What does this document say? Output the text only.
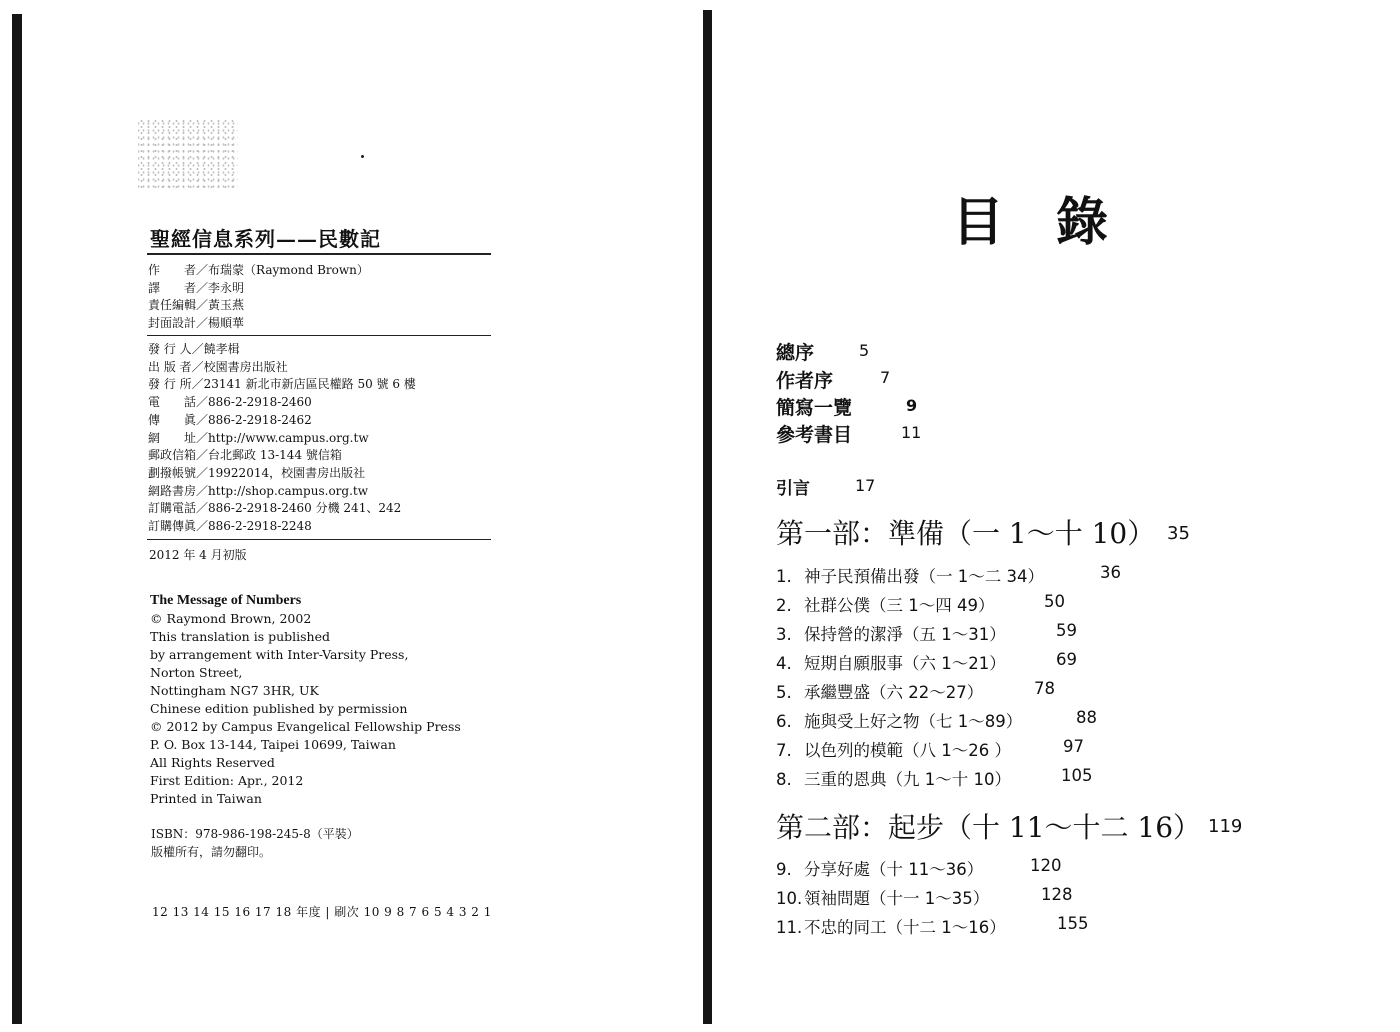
聖經信息系列——民數記
作　　者／布瑞蒙（Raymond Brown）
譯　　者／李永明
責任編輯／黃玉燕
封面設計／楊順華
發 行 人／饒孝楫
出 版 者／校園書房出版社
發 行 所／23141 新北市新店區民權路 50 號 6 樓
電　　話／886-2-2918-2460
傳　　眞／886-2-2918-2462
網　　址／http://www.campus.org.tw
郵政信箱／台北郵政 13-144 號信箱
劃撥帳號／19922014，校園書房出版社
網路書房／http://shop.campus.org.tw
訂購電話／886-2-2918-2460 分機 241、242
訂購傳眞／886-2-2918-2248
2012 年 4 月初版
The Message of Numbers
© Raymond Brown, 2002
This translation is published
by arrangement with Inter-Varsity Press,
Norton Street,
Nottingham NG7 3HR, UK
Chinese edition published by permission
© 2012 by Campus Evangelical Fellowship Press
P. O. Box 13-144, Taipei 10699, Taiwan
All Rights Reserved
First Edition: Apr., 2012
Printed in Taiwan
ISBN：978-986-198-245-8（平裝）
版權所有，請勿翻印。
12 13 14 15 16 17 18 年度 | 刷次 10 9 8 7 6 5 4 3 2 1
目 錄
總序	5
作者序	7
簡寫一覽	9
參考書目	11
引言	17
第一部：準備（一 1～十 10） 35
1. 神子民預備出發（一 1～二 34）	36
2. 社群公僕（三 1～四 49）	50
3. 保持營的潔淨（五 1～31）	59
4. 短期自願服事（六 1～21）	69
5. 承繼豐盛（六 22～27）	78
6. 施與受上好之物（七 1～89）	88
7. 以色列的模範（八 1～26 ）	97
8. 三重的恩典（九 1～十 10）	105
第二部：起步（十 11～十二 16） 119
9. 分享好處（十 11～36）	120
10. 領袖問題（十一 1～35）	128
11. 不忠的同工（十二 1～16）	155
